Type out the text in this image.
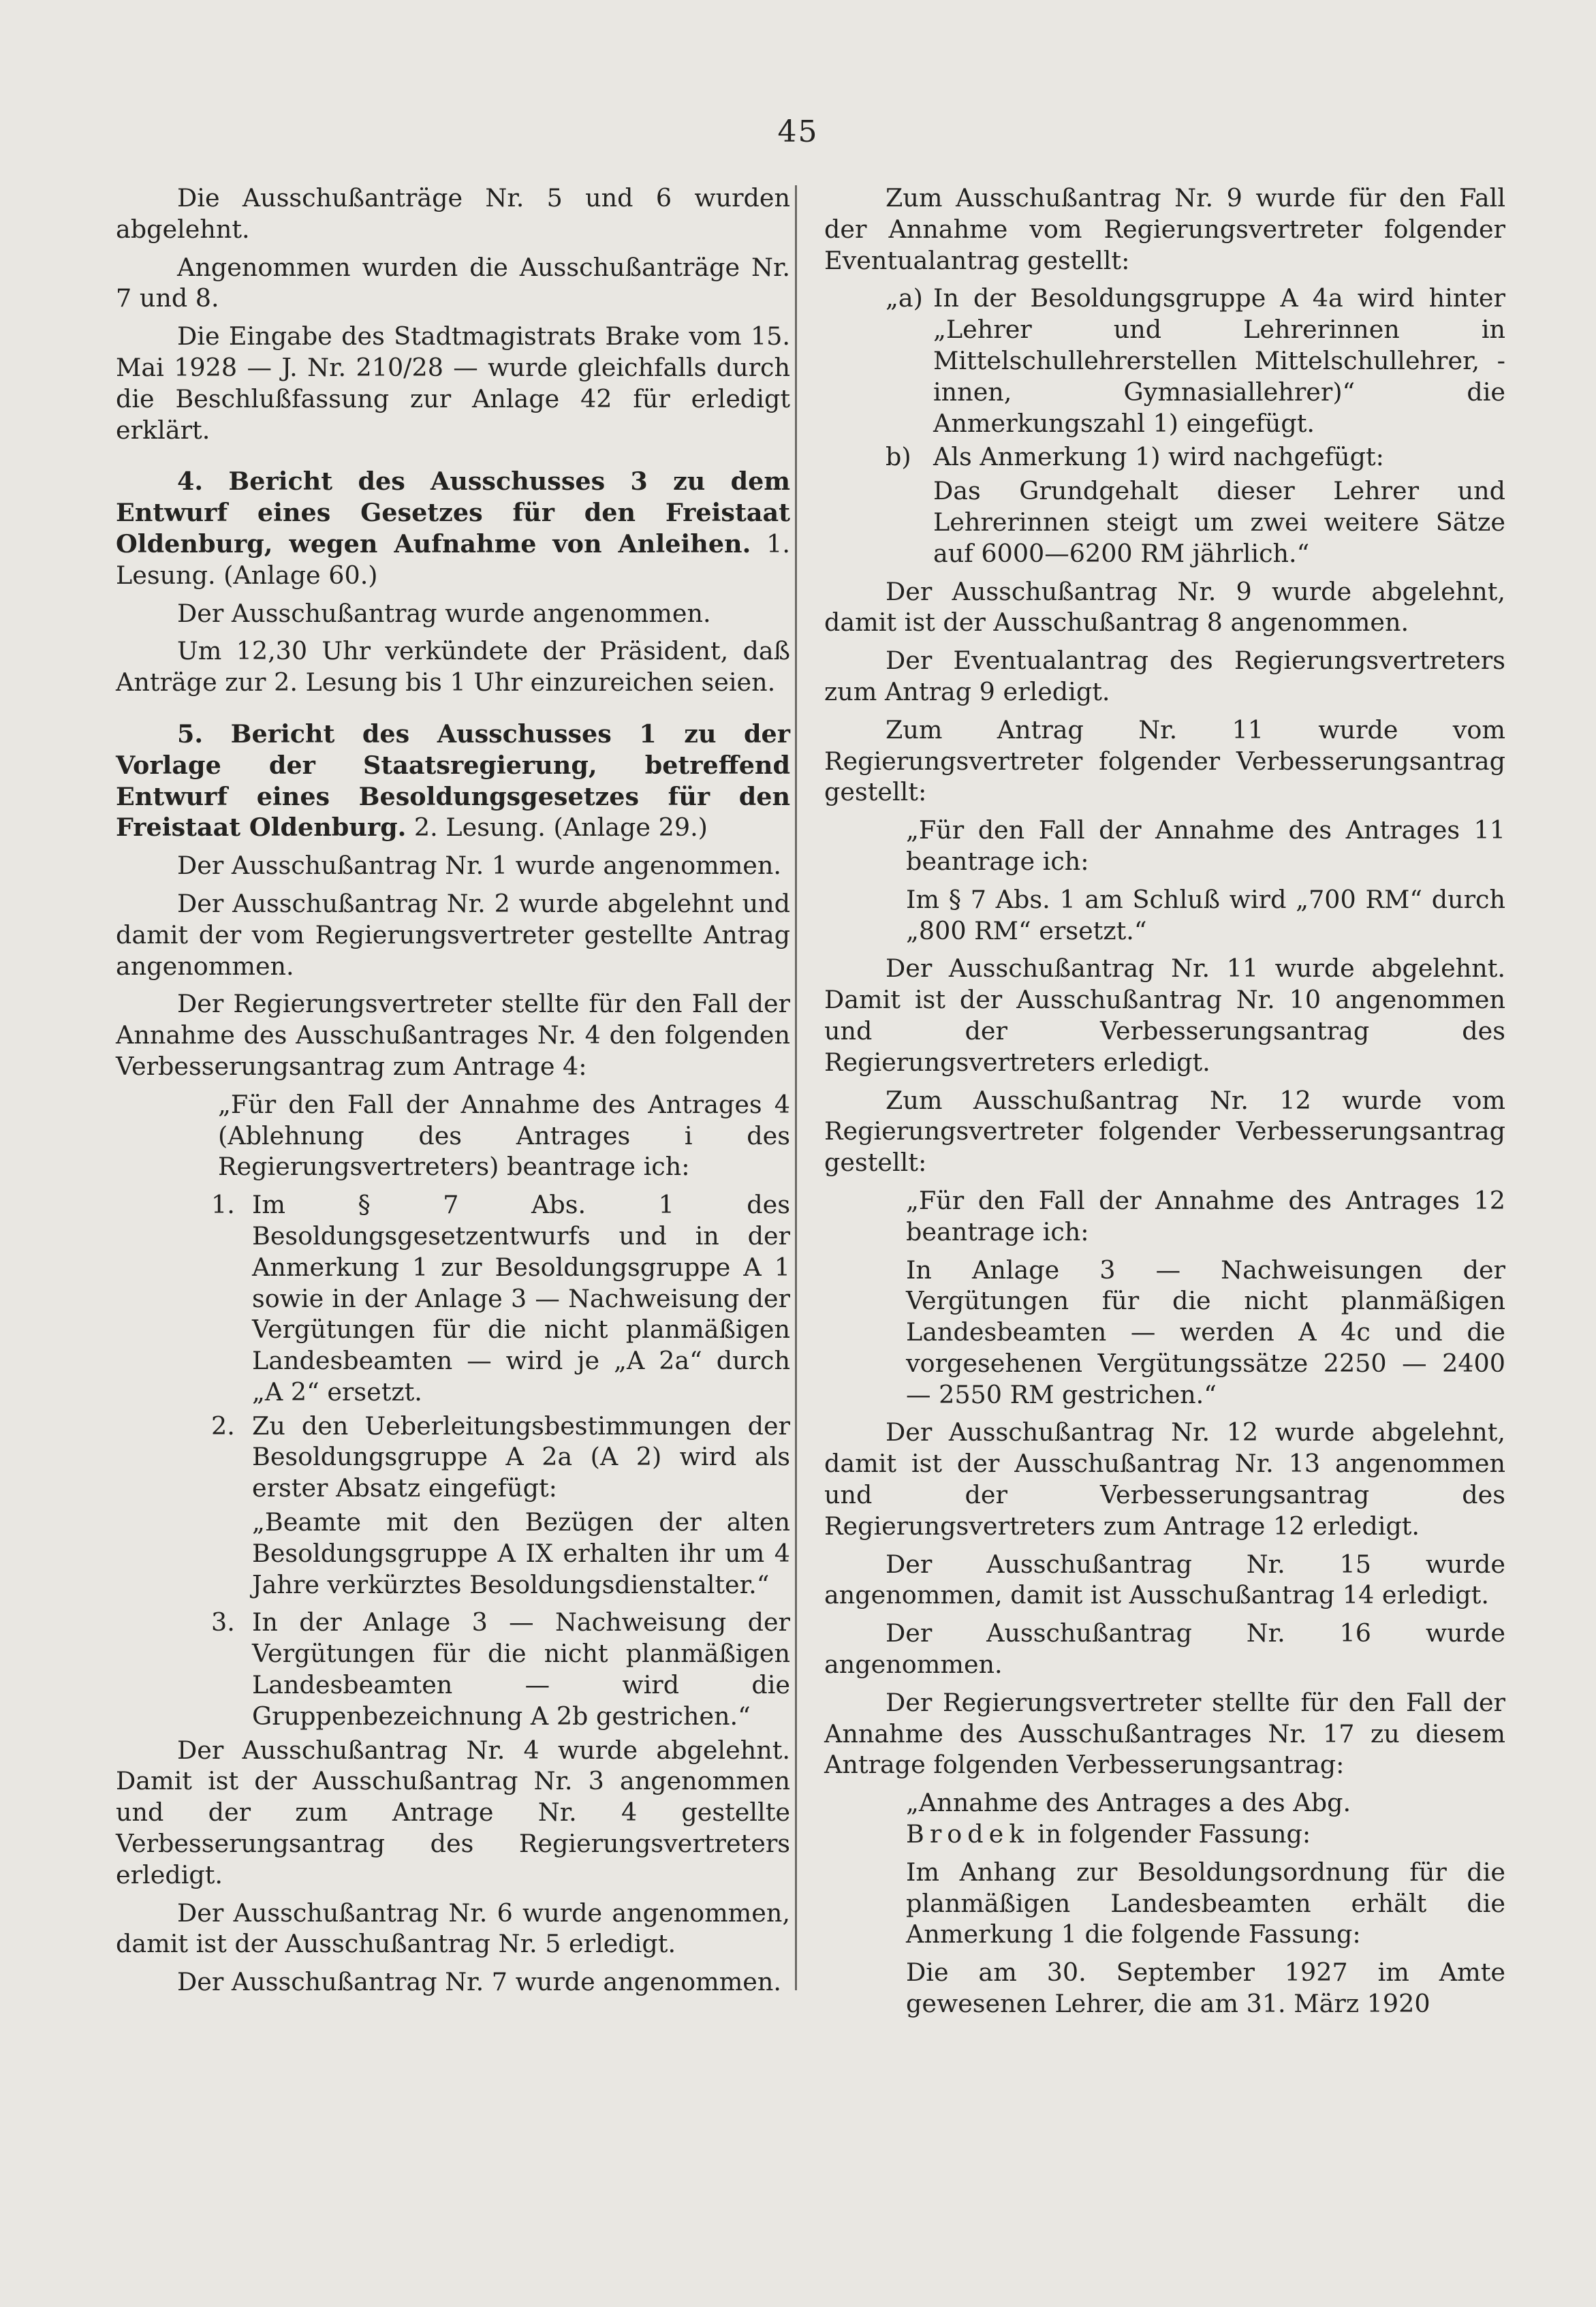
45

Die Ausschußanträge Nr. 5 und 6 wurden abgelehnt.

Angenommen wurden die Ausschußanträge Nr. 7 und 8.

Die Eingabe des Stadtmagistrats Brake vom 15. Mai 1928 — J. Nr. 210/28 — wurde gleichfalls durch die Beschlußfassung zur Anlage 42 für erledigt erklärt.

4. Bericht des Ausschusses 3 zu dem Entwurf eines Gesetzes für den Freistaat Oldenburg, wegen Aufnahme von Anleihen. 1. Lesung. (Anlage 60.)

Der Ausschußantrag wurde angenommen.

Um 12,30 Uhr verkündete der Präsident, daß Anträge zur 2. Lesung bis 1 Uhr einzureichen seien.

5. Bericht des Ausschusses 1 zu der Vorlage der Staatsregierung, betreffend Entwurf eines Besoldungsgesetzes für den Freistaat Oldenburg. 2. Lesung. (Anlage 29.)

Der Ausschußantrag Nr. 1 wurde angenommen.

Der Ausschußantrag Nr. 2 wurde abgelehnt und damit der vom Regierungsvertreter gestellte Antrag angenommen.

Der Regierungsvertreter stellte für den Fall der Annahme des Ausschußantrages Nr. 4 den folgenden Verbesserungsantrag zum Antrage 4:

„Für den Fall der Annahme des Antrages 4 (Ablehnung des Antrages i des Regierungsvertreters) beantrage ich:

1. Im § 7 Abs. 1 des Besoldungsgesetzentwurfs und in der Anmerkung 1 zur Besoldungsgruppe A 1 sowie in der Anlage 3 — Nachweisung der Vergütungen für die nicht planmäßigen Landesbeamten — wird je „A 2a“ durch „A 2“ ersetzt.
2. Zu den Ueberleitungsbestimmungen der Besoldungsgruppe A 2a (A 2) wird als erster Absatz eingefügt:

„Beamte mit den Bezügen der alten Besoldungsgruppe A IX erhalten ihr um 4 Jahre verkürztes Besoldungsdienstalter.“

3. In der Anlage 3 — Nachweisung der Vergütungen für die nicht planmäßigen Landesbeamten — wird die Gruppenbezeichnung A 2b gestrichen.“

Der Ausschußantrag Nr. 4 wurde abgelehnt. Damit ist der Ausschußantrag Nr. 3 angenommen und der zum Antrage Nr. 4 gestellte Verbesserungsantrag des Regierungsvertreters erledigt.

Der Ausschußantrag Nr. 6 wurde angenommen, damit ist der Ausschußantrag Nr. 5 erledigt.

Der Ausschußantrag Nr. 7 wurde angenommen.

Zum Ausschußantrag Nr. 9 wurde für den Fall der Annahme vom Regierungsvertreter folgender Eventualantrag gestellt:

„a) In der Besoldungsgruppe A 4a wird hinter „Lehrer und Lehrerinnen in Mittelschullehrerstellen Mittelschullehrer, -innen, Gymnasiallehrer)“ die Anmerkungszahl 1) eingefügt.
b) Als Anmerkung 1) wird nachgefügt:

Das Grundgehalt dieser Lehrer und Lehrerinnen steigt um zwei weitere Sätze auf 6000—6200 RM jährlich.“

Der Ausschußantrag Nr. 9 wurde abgelehnt, damit ist der Ausschußantrag 8 angenommen.

Der Eventualantrag des Regierungsvertreters zum Antrag 9 erledigt.

Zum Antrag Nr. 11 wurde vom Regierungsvertreter folgender Verbesserungsantrag gestellt:

„Für den Fall der Annahme des Antrages 11 beantrage ich:

Im § 7 Abs. 1 am Schluß wird „700 RM“ durch „800 RM“ ersetzt.“

Der Ausschußantrag Nr. 11 wurde abgelehnt. Damit ist der Ausschußantrag Nr. 10 angenommen und der Verbesserungsantrag des Regierungsvertreters erledigt.

Zum Ausschußantrag Nr. 12 wurde vom Regierungsvertreter folgender Verbesserungsantrag gestellt:

„Für den Fall der Annahme des Antrages 12 beantrage ich:

In Anlage 3 — Nachweisungen der Vergütungen für die nicht planmäßigen Landesbeamten — werden A 4c und die vorgesehenen Vergütungssätze 2250 — 2400 — 2550 RM gestrichen.“

Der Ausschußantrag Nr. 12 wurde abgelehnt, damit ist der Ausschußantrag Nr. 13 angenommen und der Verbesserungsantrag des Regierungsvertreters zum Antrage 12 erledigt.

Der Ausschußantrag Nr. 15 wurde angenommen, damit ist Ausschußantrag 14 erledigt.

Der Ausschußantrag Nr. 16 wurde angenommen.

Der Regierungsvertreter stellte für den Fall der Annahme des Ausschußantrages Nr. 17 zu diesem Antrage folgenden Verbesserungsantrag:

„Annahme des Antrages a des Abg.
Brodek in folgender Fassung:

Im Anhang zur Besoldungsordnung für die planmäßigen Landesbeamten erhält die Anmerkung 1 die folgende Fassung:

Die am 30. September 1927 im Amte gewesenen Lehrer, die am 31. März 1920
